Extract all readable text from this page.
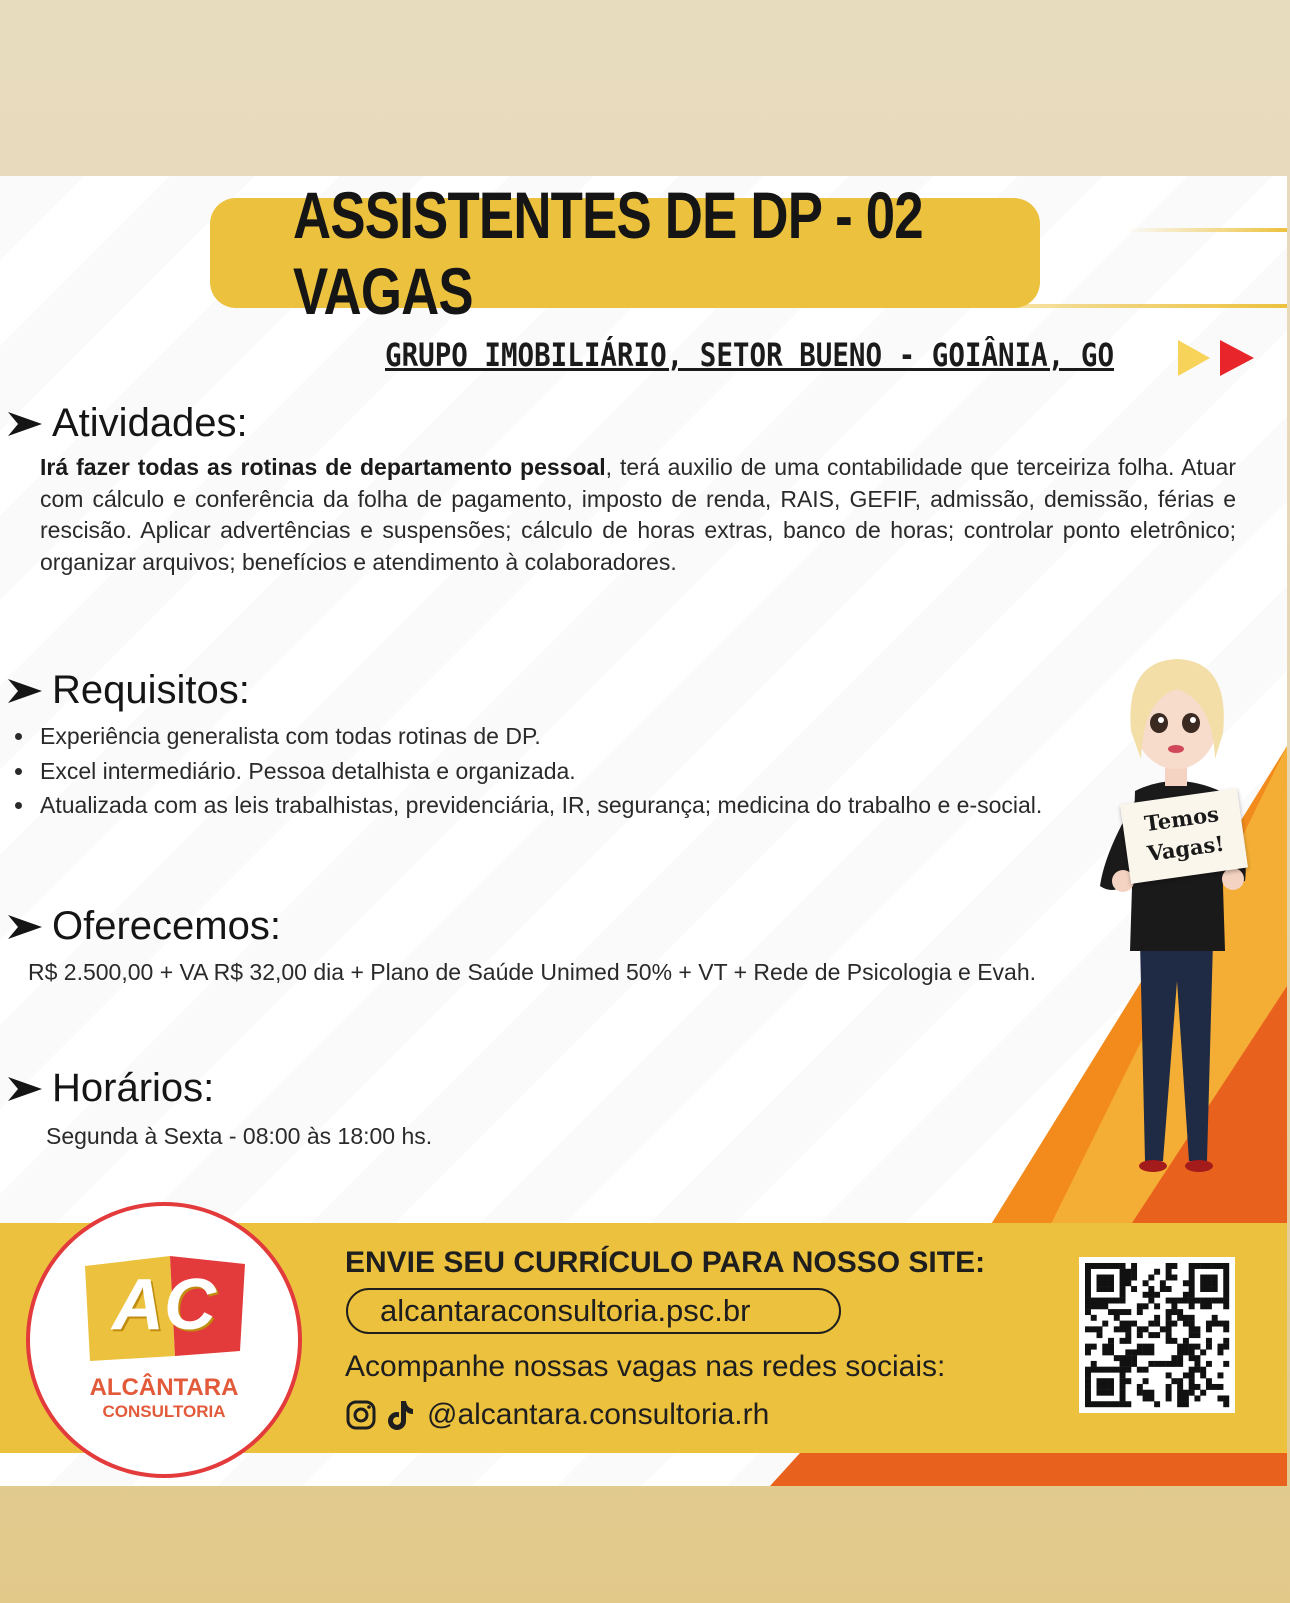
ASSISTENTES DE DP - 02 VAGAS
GRUPO IMOBILIÁRIO, SETOR BUENO - GOIÂNIA, GO
Atividades:
Irá fazer todas as rotinas de departamento pessoal, terá auxilio de uma contabilidade que terceiriza folha. Atuar com cálculo e conferência da folha de pagamento, imposto de renda, RAIS, GEFIF, admissão, demissão, férias e rescisão. Aplicar advertências e suspensões; cálculo de horas extras, banco de horas; controlar ponto eletrônico; organizar arquivos; benefícios e atendimento à colaboradores.
Requisitos:
• Experiência generalista com todas rotinas de DP.
• Excel intermediário. Pessoa detalhista e organizada.
• Atualizada com as leis trabalhistas, previdenciária, IR, segurança; medicina do trabalho e e-social.
Oferecemos:
R$ 2.500,00 + VA R$ 32,00 dia + Plano de Saúde Unimed 50% + VT + Rede de Psicologia e Evah.
Horários:
Segunda à Sexta - 08:00 às 18:00 hs.
Temos
Vagas!
AC
ALCÂNTARA
CONSULTORIA
ENVIE SEU CURRÍCULO PARA NOSSO SITE:
alcantaraconsultoria.psc.br
Acompanhe nossas vagas nas redes sociais:
@alcantara.consultoria.rh
